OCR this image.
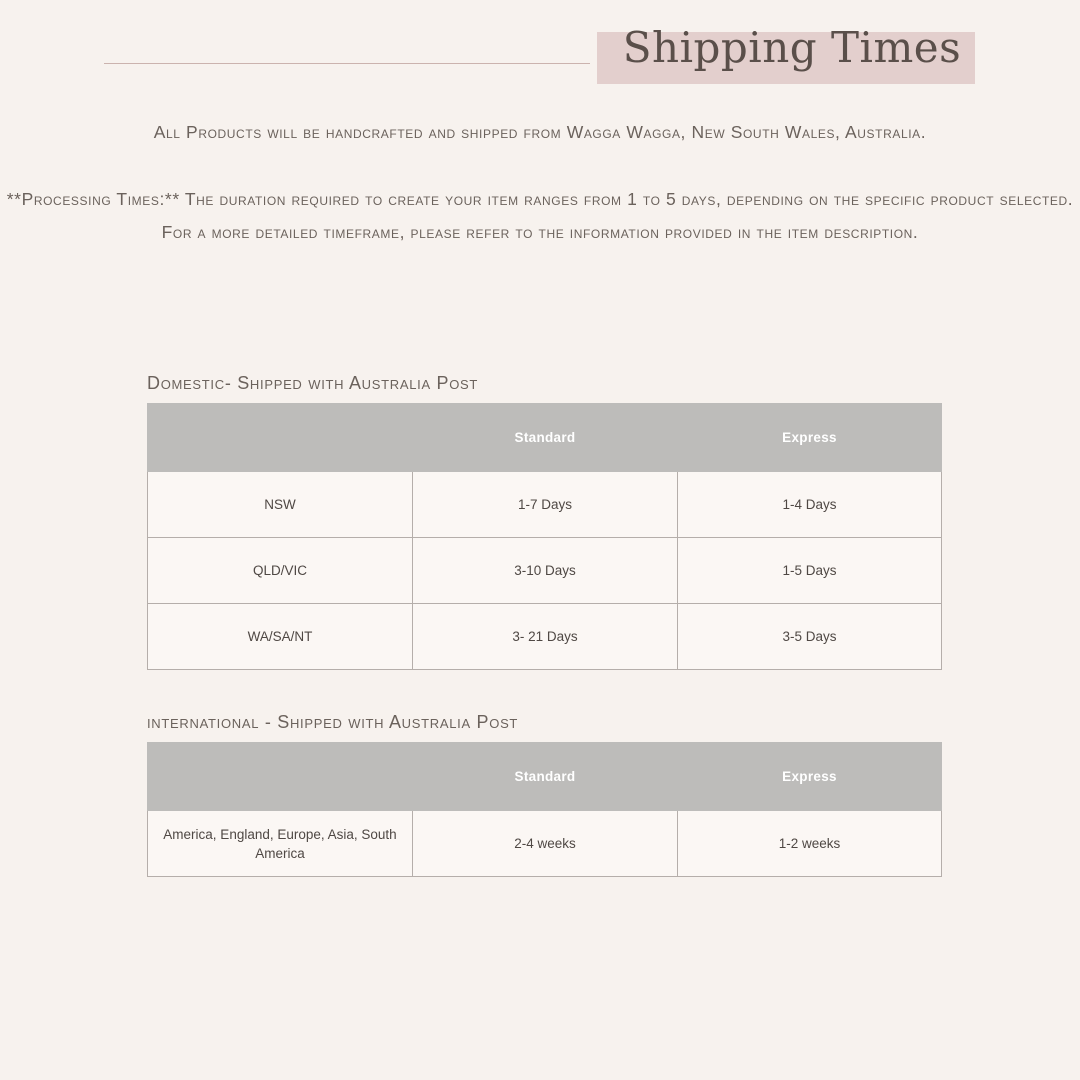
Shipping Times

All Products will be handcrafted and shipped from Wagga Wagga, New South Wales, Australia.

**Processing Times:** The duration required to create your item ranges from 1 to 5 days, depending on the specific product selected. For a more detailed timeframe, please refer to the information provided in the item description.

Domestic- Shipped with Australia Post
	Standard	Express
NSW	1-7 Days	1-4 Days
QLD/VIC	3-10 Days	1-5 Days
WA/SA/NT	3- 21 Days	3-5 Days
international - Shipped with Australia Post
	Standard	Express
America, England, Europe, Asia, South America	2-4 weeks	1-2 weeks
